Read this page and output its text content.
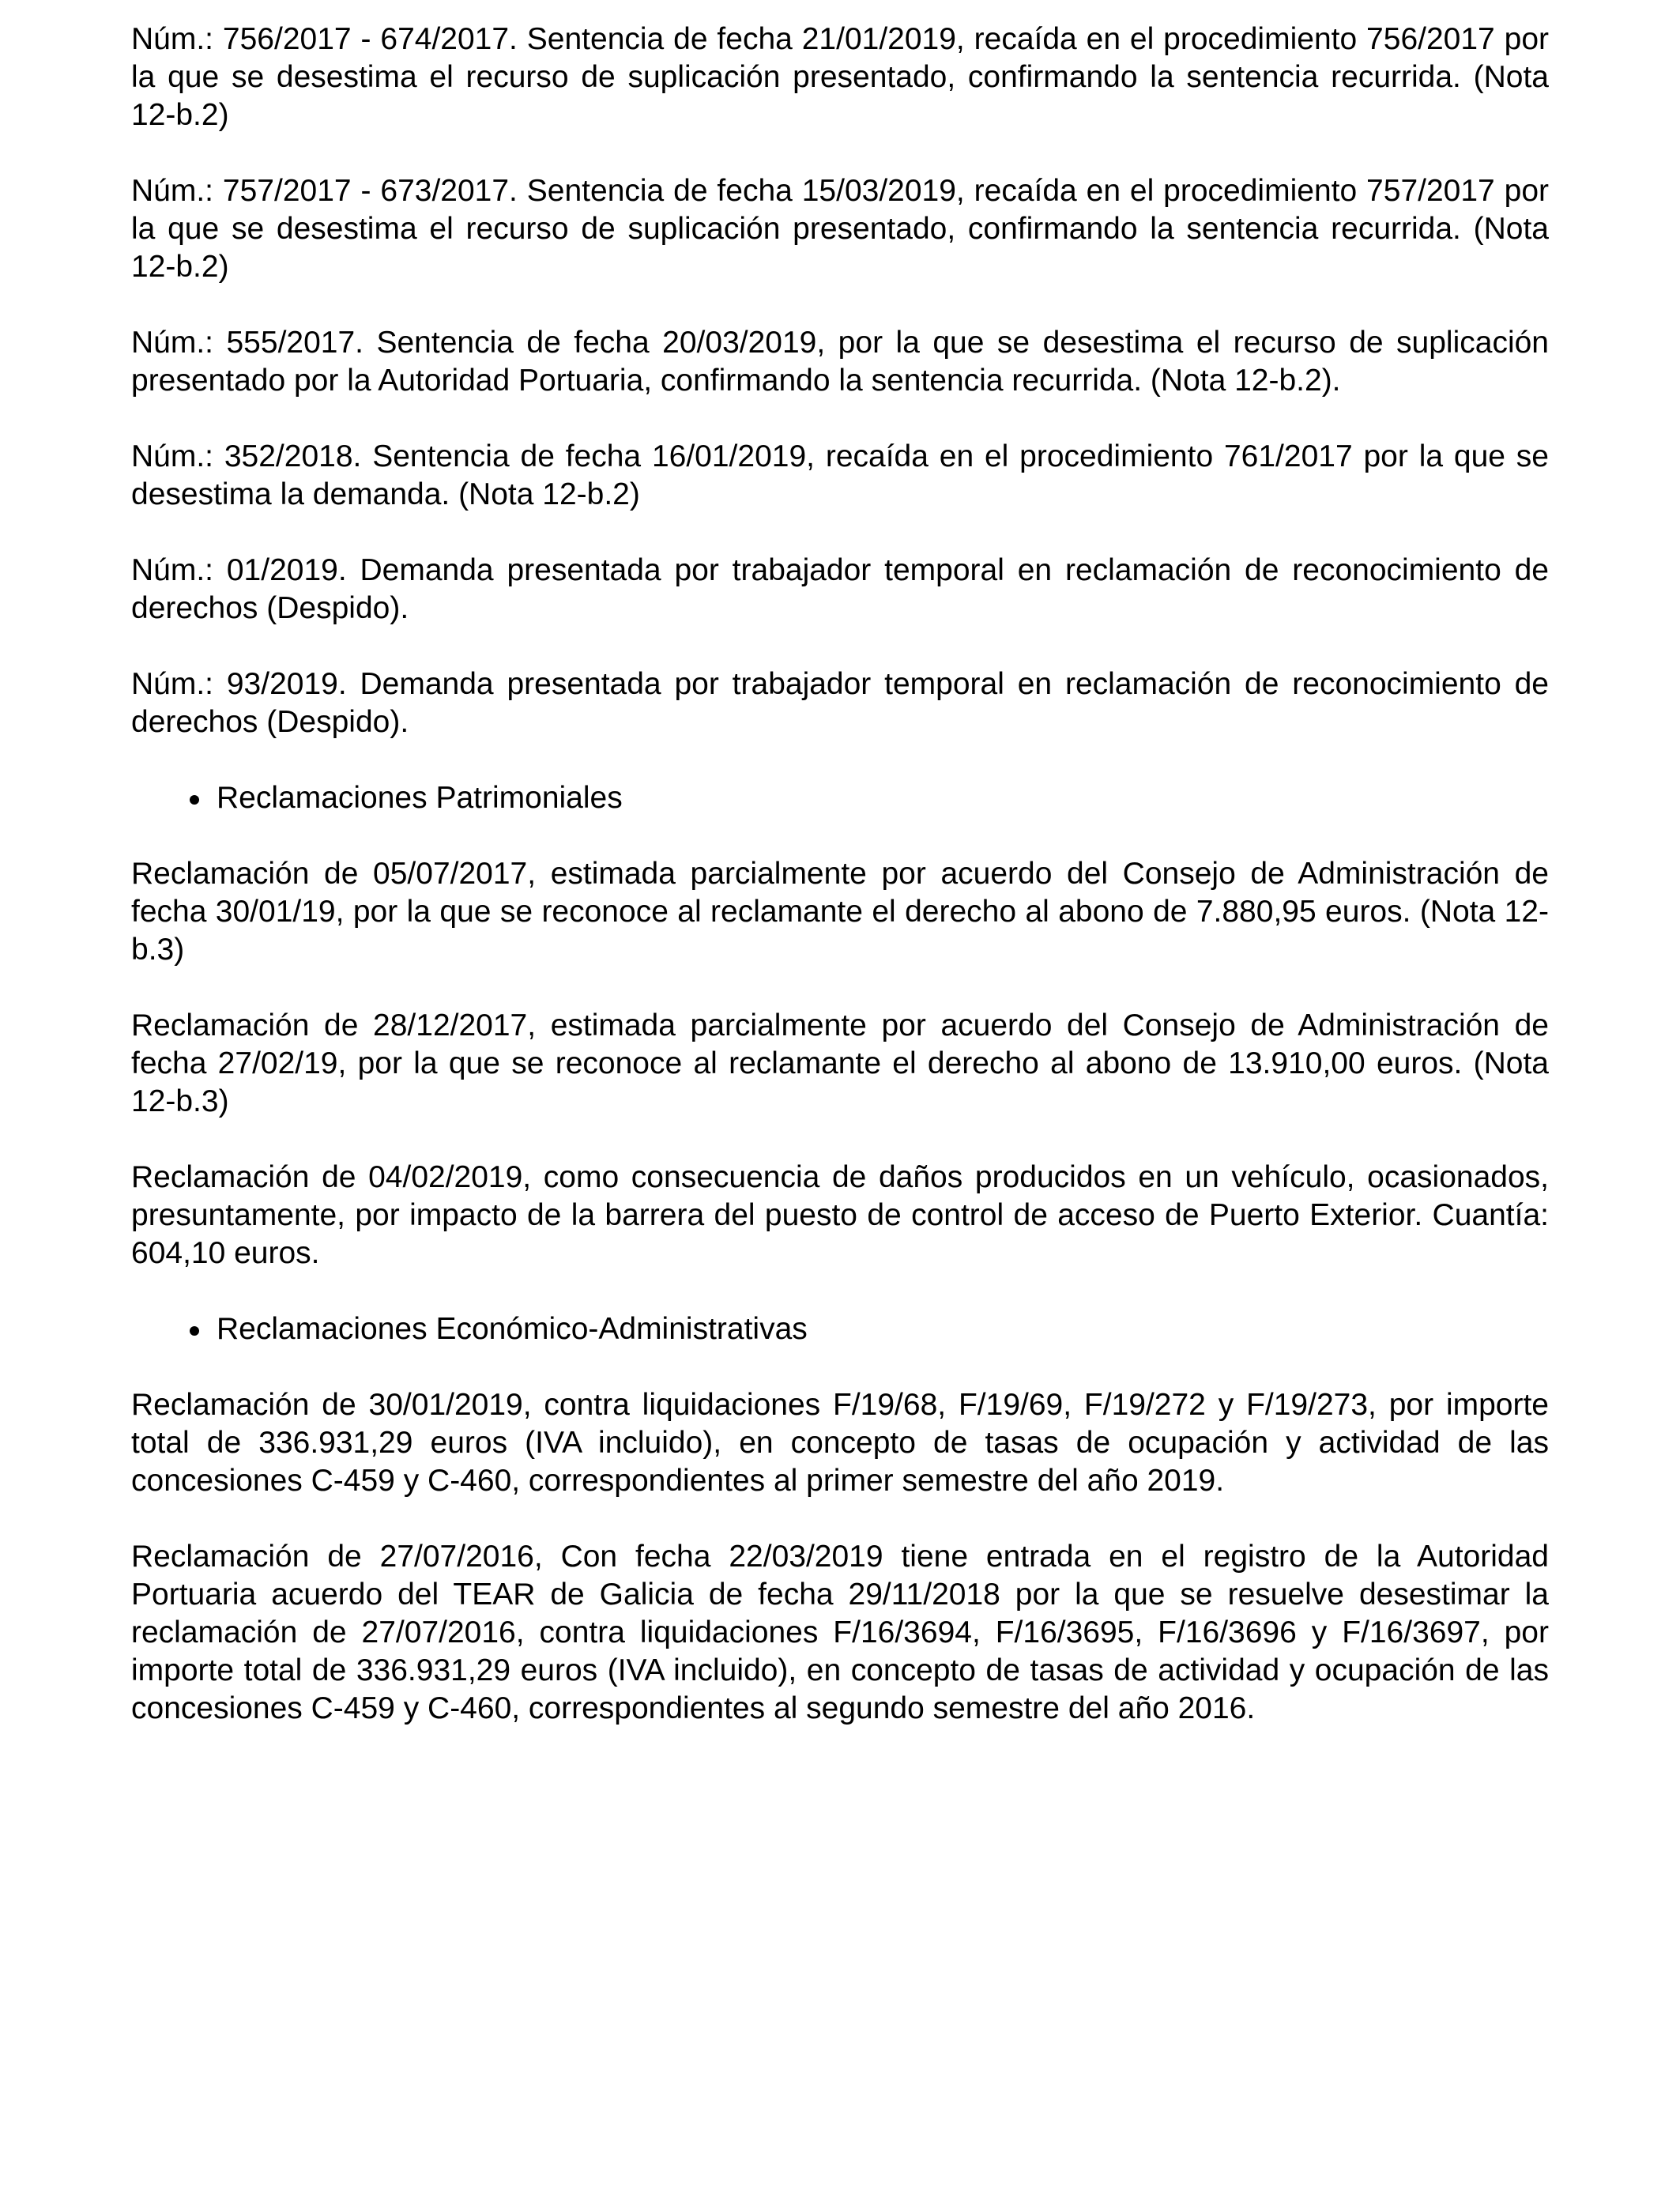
Núm.: 756/2017 - 674/2017. Sentencia de fecha 21/01/2019, recaída en el procedimiento 756/2017 por la que se desestima el recurso de suplicación presentado, confirmando la sentencia recurrida. (Nota 12-b.2)

Núm.: 757/2017 - 673/2017. Sentencia de fecha 15/03/2019, recaída en el procedimiento 757/2017 por la que se desestima el recurso de suplicación presentado, confirmando la sentencia recurrida. (Nota 12-b.2)

Núm.: 555/2017. Sentencia de fecha 20/03/2019, por la que se desestima el recurso de suplicación presentado por la Autoridad Portuaria, confirmando la sentencia recurrida. (Nota 12-b.2).

Núm.: 352/2018. Sentencia de fecha 16/01/2019, recaída en el procedimiento 761/2017 por la que se desestima la demanda. (Nota 12-b.2)

Núm.: 01/2019. Demanda presentada por trabajador temporal en reclamación de reconocimiento de derechos (Despido).

Núm.: 93/2019. Demanda presentada por trabajador temporal en reclamación de reconocimiento de derechos (Despido).

Reclamaciones Patrimoniales

Reclamación de 05/07/2017, estimada parcialmente por acuerdo del Consejo de Administración de fecha 30/01/19, por la que se reconoce al reclamante el derecho al abono de 7.880,95 euros. (Nota 12-b.3)

Reclamación de 28/12/2017, estimada parcialmente por acuerdo del Consejo de Administración de fecha 27/02/19, por la que se reconoce al reclamante el derecho al abono de 13.910,00 euros. (Nota 12-b.3)

Reclamación de 04/02/2019, como consecuencia de daños producidos en un vehículo, ocasionados, presuntamente, por impacto de la barrera del puesto de control de acceso de Puerto Exterior. Cuantía: 604,10 euros.

Reclamaciones Económico-Administrativas

Reclamación de 30/01/2019, contra liquidaciones F/19/68, F/19/69, F/19/272 y F/19/273, por importe total de 336.931,29 euros (IVA incluido), en concepto de tasas de ocupación y actividad de las concesiones C-459 y C-460, correspondientes al primer semestre del año 2019.

Reclamación de 27/07/2016, Con fecha 22/03/2019 tiene entrada en el registro de la Autoridad Portuaria acuerdo del TEAR de Galicia de fecha 29/11/2018 por la que se resuelve desestimar la reclamación de 27/07/2016, contra liquidaciones F/16/3694, F/16/3695, F/16/3696 y F/16/3697, por importe total de 336.931,29 euros (IVA incluido), en concepto de tasas de actividad y ocupación de las concesiones C-459 y C-460, correspondientes al segundo semestre del año 2016.
